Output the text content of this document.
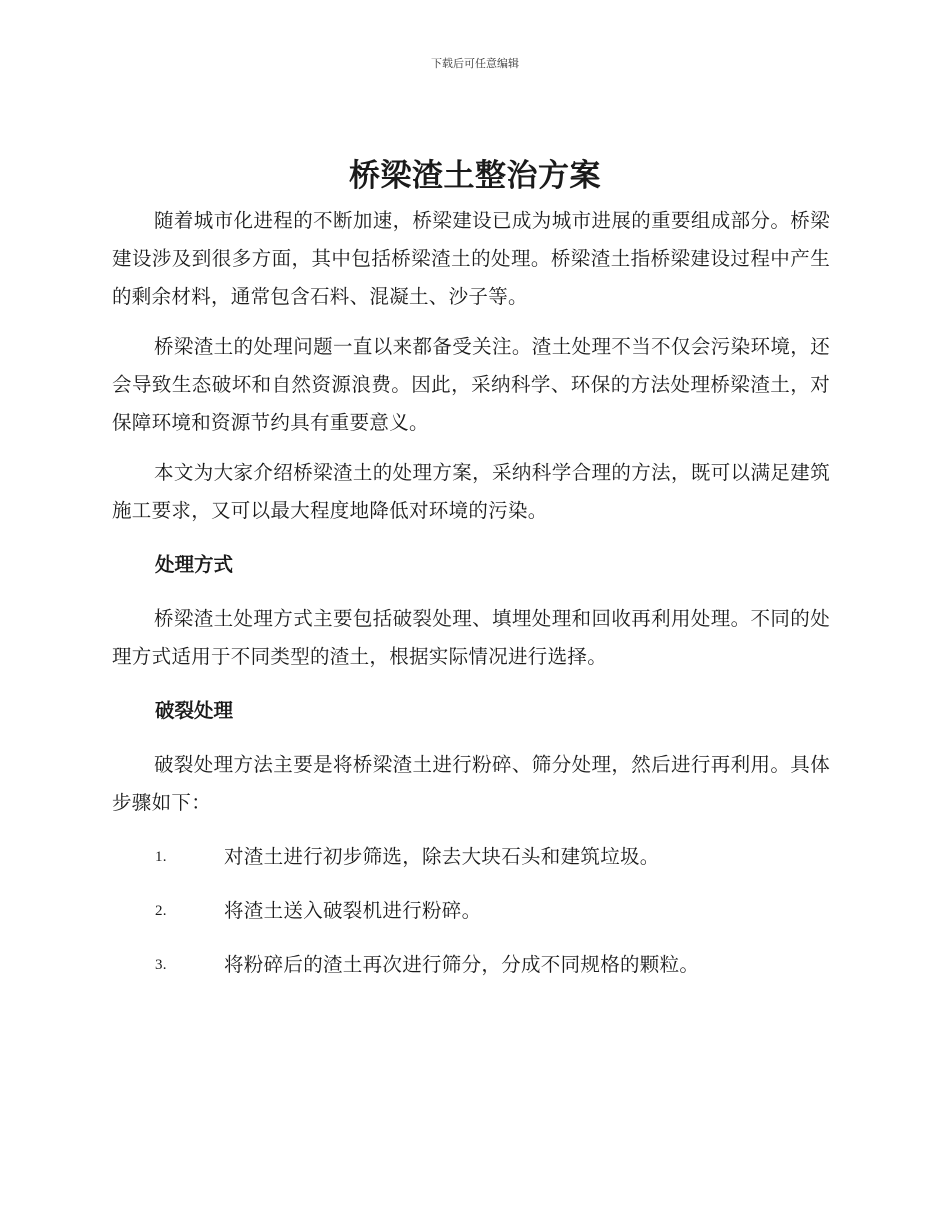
下载后可任意编辑
桥梁渣土整治方案

随着城市化进程的不断加速，桥梁建设已成为城市进展的重要组成部分。桥梁建设涉及到很多方面，其中包括桥梁渣土的处理。桥梁渣土指桥梁建设过程中产生的剩余材料，通常包含石料、混凝土、沙子等。

桥梁渣土的处理问题一直以来都备受关注。渣土处理不当不仅会污染环境，还会导致生态破坏和自然资源浪费。因此，采纳科学、环保的方法处理桥梁渣土，对保障环境和资源节约具有重要意义。

本文为大家介绍桥梁渣土的处理方案，采纳科学合理的方法，既可以满足建筑施工要求，又可以最大程度地降低对环境的污染。

处理方式

桥梁渣土处理方式主要包括破裂处理、填埋处理和回收再利用处理。不同的处理方式适用于不同类型的渣土，根据实际情况进行选择。

破裂处理

破裂处理方法主要是将桥梁渣土进行粉碎、筛分处理，然后进行再利用。具体步骤如下：

1.	对渣土进行初步筛选，除去大块石头和建筑垃圾。
2.	将渣土送入破裂机进行粉碎。
3.	将粉碎后的渣土再次进行筛分，分成不同规格的颗粒。
